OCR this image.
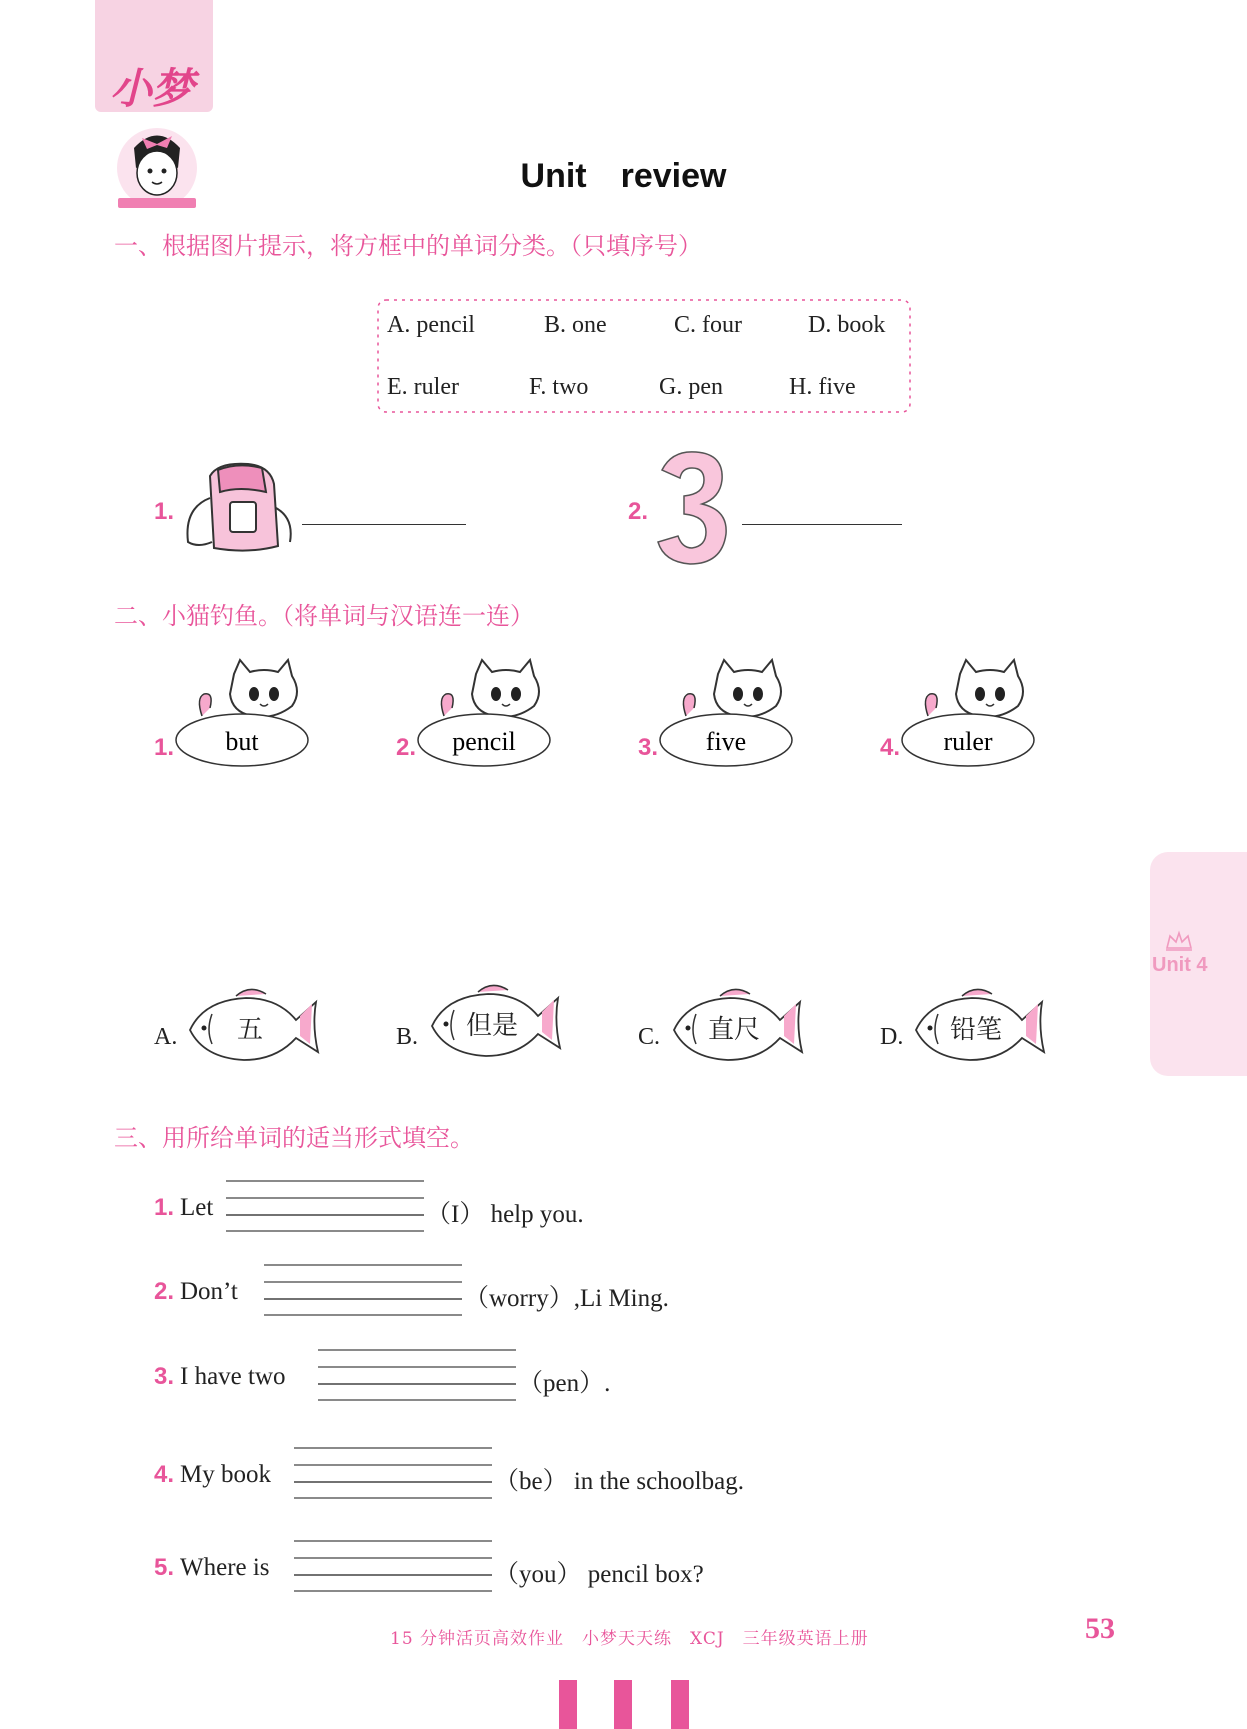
小梦
Unit　review
一、根据图片提示，将方框中的单词分类。（只填序号）
A. pencil	B. one	C. four	D. book
E. ruler	F. two	G. pen	H. five
1.	2.
二、小猫钓鱼。（将单词与汉语连一连）
1. but	2. pencil	3. five	4. ruler
A. 五	B. 但是	C. 直尺	D. 铅笔
三、用所给单词的适当形式填空。
1. Let	（I） help you.
2. Don’t	（worry）,Li Ming.
3. I have two	（pen）.
4. My book	（be） in the schoolbag.
5. Where is	（you） pencil box?
Unit 4
15 分钟活页高效作业　小梦天天练　XCJ　三年级英语上册	53
